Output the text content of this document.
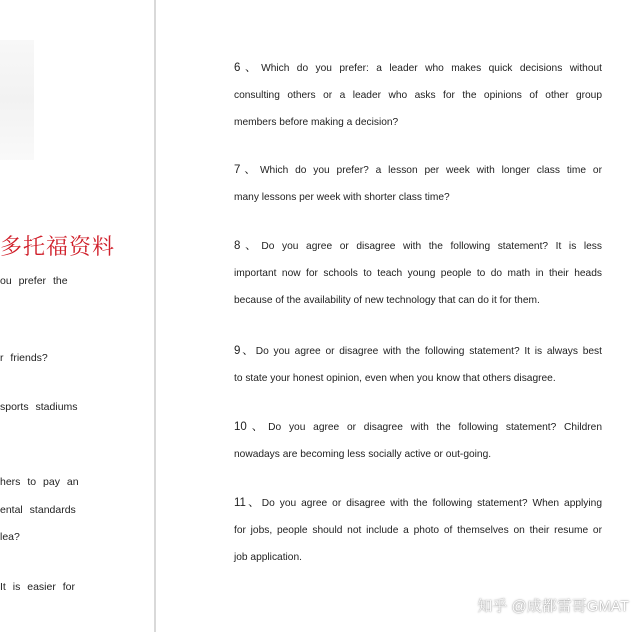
多托福资料
ou prefer the
r friends?
sports stadiums
hers to pay an
ental standards
lea?
It is easier for
6、Which do you prefer: a leader who makes quick decisions without
consulting others or a leader who asks for the opinions of other group
members before making a decision?
7、Which do you prefer? a lesson per week with longer class time or
many lessons per week with shorter class time?
8、Do you agree or disagree with the following statement? It is less
important now for schools to teach young people to do math in their heads
because of the availability of new technology that can do it for them.
9、Do you agree or disagree with the following statement? It is always best
to state your honest opinion, even when you know that others disagree.
10、Do you agree or disagree with the following statement? Children
nowadays are becoming less socially active or out-going.
11、Do you agree or disagree with the following statement? When applying
for jobs, people should not include a photo of themselves on their resume or
job application.
知乎 @成都雷哥GMAT
